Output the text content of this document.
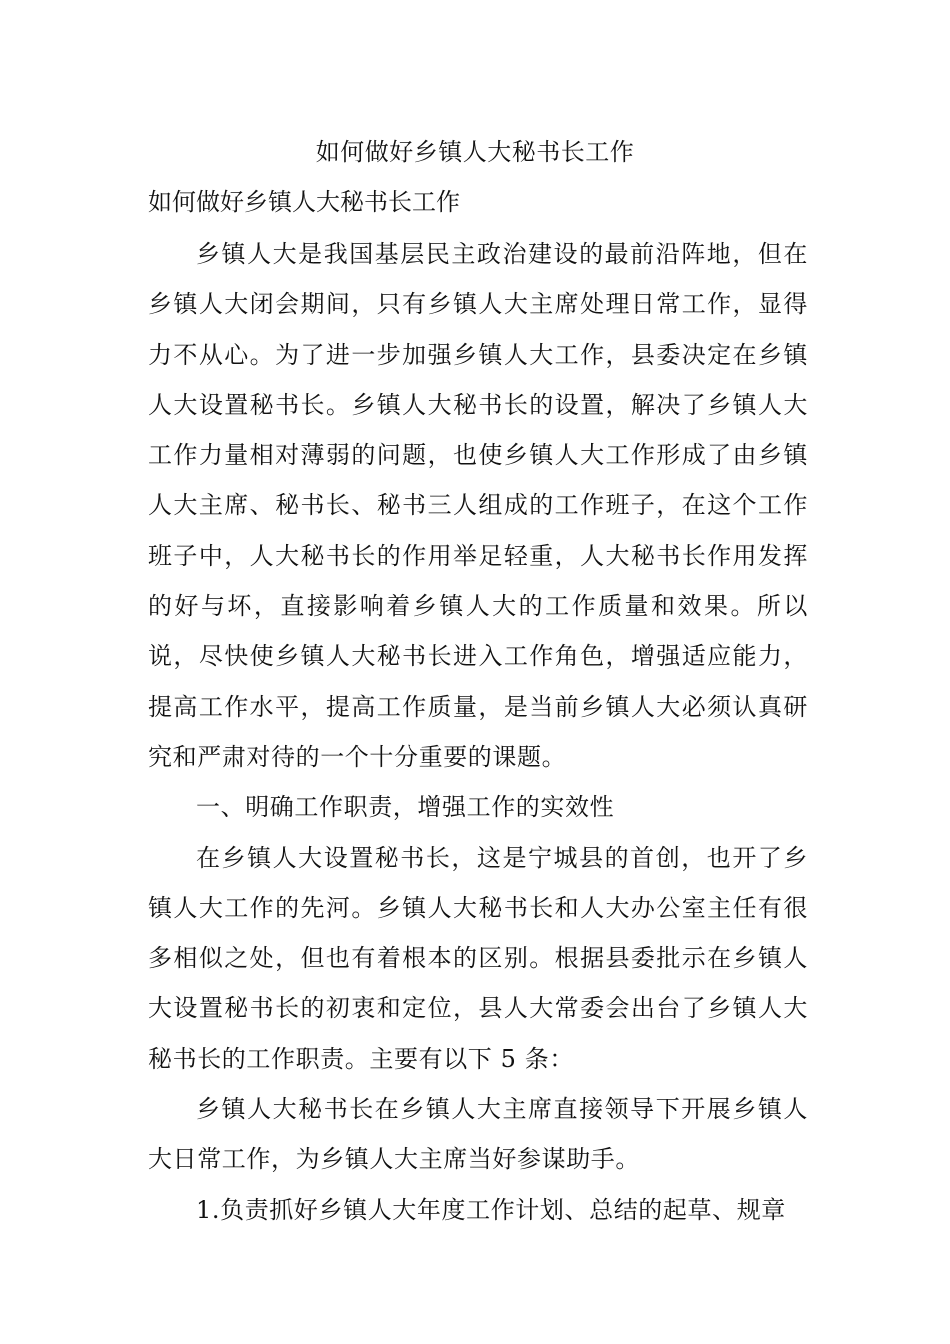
如何做好乡镇人大秘书长工作
如何做好乡镇人大秘书长工作

乡镇人大是我国基层民主政治建设的最前沿阵地，但在乡镇人大闭会期间，只有乡镇人大主席处理日常工作，显得力不从心。为了进一步加强乡镇人大工作，县委决定在乡镇人大设置秘书长。乡镇人大秘书长的设置，解决了乡镇人大工作力量相对薄弱的问题，也使乡镇人大工作形成了由乡镇人大主席、秘书长、秘书三人组成的工作班子，在这个工作班子中，人大秘书长的作用举足轻重，人大秘书长作用发挥的好与坏，直接影响着乡镇人大的工作质量和效果。所以说，尽快使乡镇人大秘书长进入工作角色，增强适应能力，提高工作水平，提高工作质量，是当前乡镇人大必须认真研究和严肃对待的一个十分重要的课题。

一、明确工作职责，增强工作的实效性

在乡镇人大设置秘书长，这是宁城县的首创，也开了乡镇人大工作的先河。乡镇人大秘书长和人大办公室主任有很多相似之处，但也有着根本的区别。根据县委批示在乡镇人大设置秘书长的初衷和定位，县人大常委会出台了乡镇人大秘书长的工作职责。主要有以下 5 条：

乡镇人大秘书长在乡镇人大主席直接领导下开展乡镇人大日常工作，为乡镇人大主席当好参谋助手。

1.负责抓好乡镇人大年度工作计划、总结的起草、规章
